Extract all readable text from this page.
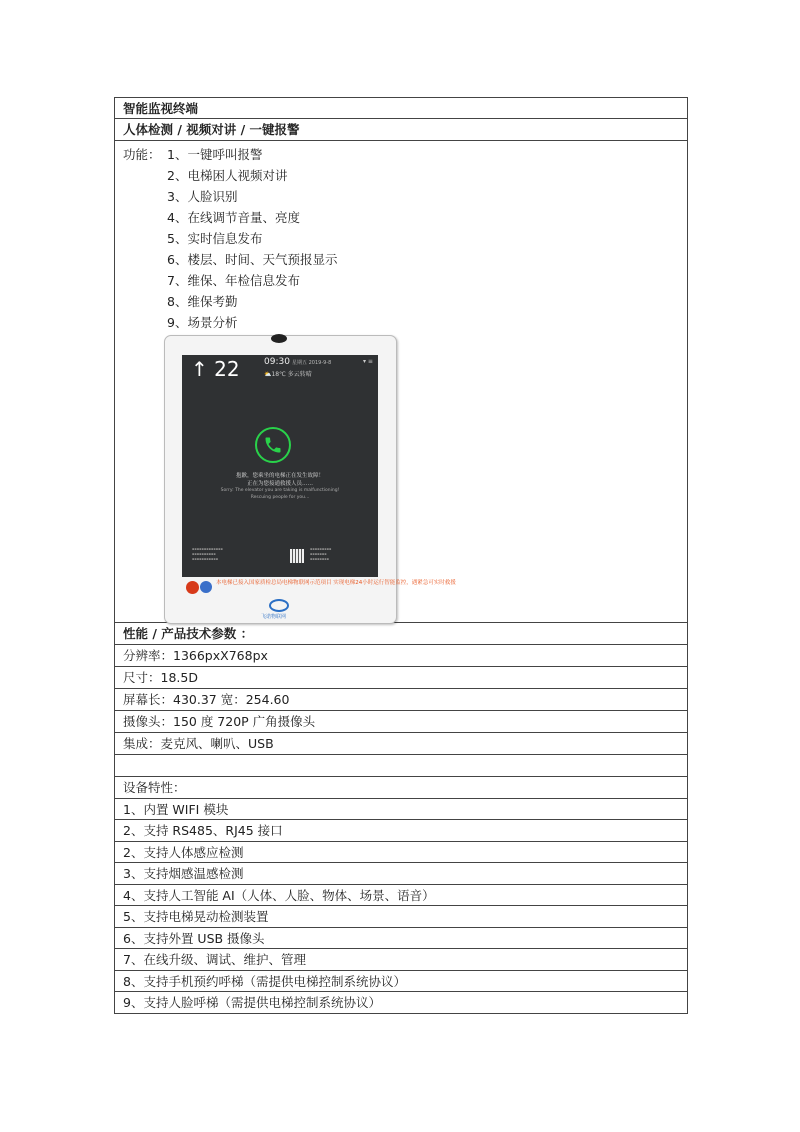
智能监视终端
人体检测 / 视频对讲 / 一键报警
功能： 1、一键呼叫报警
2、电梯困人视频对讲
3、人脸识别
4、在线调节音量、亮度
5、实时信息发布
6、楼层、时间、天气预报显示
7、维保、年检信息发布
8、维保考勤
9、场景分析
↑ 22	09:30 星期五 2019-9-8	▾ ≡
⛅18℃ 多云转晴
抱歉，您乘坐的电梯正在发生故障！
正在为您接通救援人员……
Sorry: The elevator you are taking is malfunctioning!
Rescuing people for you...
▪▪▪▪▪▪▪▪▪▪▪▪▪
▪▪▪▪▪▪▪▪▪▪
▪▪▪▪▪▪▪▪▪▪▪
▪▪▪▪▪▪▪▪▪
▪▪▪▪▪▪▪
▪▪▪▪▪▪▪▪
本电梯已接入国家质检总局电梯物联网示范项目 实现电梯24小时运行智能监控，遇紧急可实时救援
飞诺物联网
性能 / 产品技术参数 ：
分辨率：1366pxX768px
尺寸：18.5D
屏幕长：430.37 宽：254.60
摄像头：150 度 720P 广角摄像头
集成：麦克风、喇叭、USB
设备特性：
1、内置 WIFI 模块
2、支持 RS485、RJ45 接口
2、支持人体感应检测
3、支持烟感温感检测
4、支持人工智能 AI（人体、人脸、物体、场景、语音）
5、支持电梯晃动检测装置
6、支持外置 USB 摄像头
7、在线升级、调试、维护、管理
8、支持手机预约呼梯（需提供电梯控制系统协议）
9、支持人脸呼梯（需提供电梯控制系统协议）
